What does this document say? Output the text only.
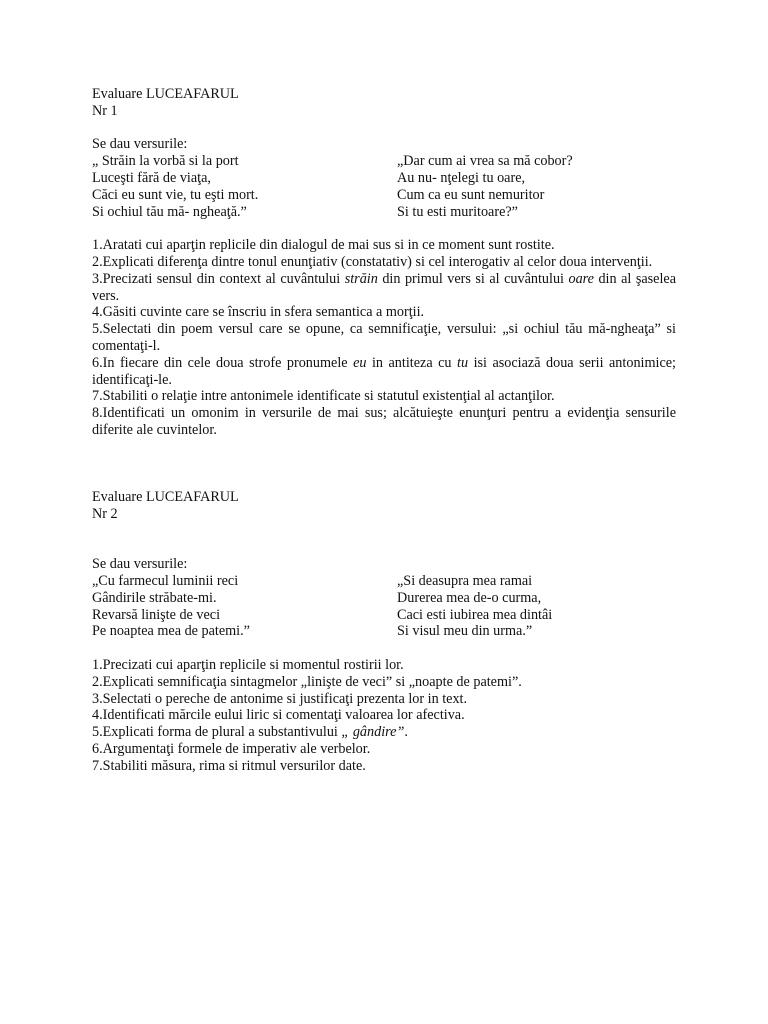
Evaluare LUCEAFARUL

Nr 1

Se dau versurile:

„ Străin la vorbă si la port

Luceşti fără de viaţa,

Căci eu sunt vie, tu eşti mort.

Si ochiul tău mă- ngheaţă.”

„Dar cum ai vrea sa mă cobor?

Au nu- nţelegi tu oare,

Cum ca eu sunt nemuritor

Si tu esti muritoare?”

1.Aratati cui aparţin replicile din dialogul de mai sus si in ce moment sunt rostite.

2.Explicati diferenţa dintre tonul enunţiativ (constatativ) si cel interogativ al celor doua intervenţii.

3.Precizati sensul din context al cuvântului străin din primul vers si al cuvântului oare din al şaselea vers.

4.Găsiti cuvinte care se înscriu in sfera semantica a morţii.

5.Selectati din poem versul care se opune, ca semnificaţie, versului: „si ochiul tău mă-ngheaţa” si comentaţi-l.

6.In fiecare din cele doua strofe pronumele eu in antiteza cu tu isi asociază doua serii antonimice; identificaţi-le.

7.Stabiliti o relaţie intre antonimele identificate si statutul existenţial al actanţilor.

8.Identificati un omonim in versurile de mai sus; alcătuieşte enunţuri pentru a evidenţia sensurile diferite ale cuvintelor.

Evaluare LUCEAFARUL

Nr 2

Se dau versurile:

„Cu farmecul luminii reci

Gândirile străbate-mi.

Revarsă linişte de veci

Pe noaptea mea de patemi.”

„Si deasupra mea ramai

Durerea mea de-o curma,

Caci esti iubirea mea dintâi

Si visul meu din urma.”

1.Precizati cui aparţin replicile si momentul rostirii lor.

2.Explicati semnificaţia sintagmelor „linişte de veci” si „noapte de patemi”.

3.Selectati o pereche de antonime si justificaţi prezenta lor in text.

4.Identificati mărcile eului liric si comentaţi valoarea lor afectiva.

5.Explicati forma de plural a substantivului „ gândire”.

6.Argumentaţi formele de imperativ ale verbelor.

7.Stabiliti măsura, rima si ritmul versurilor date.
